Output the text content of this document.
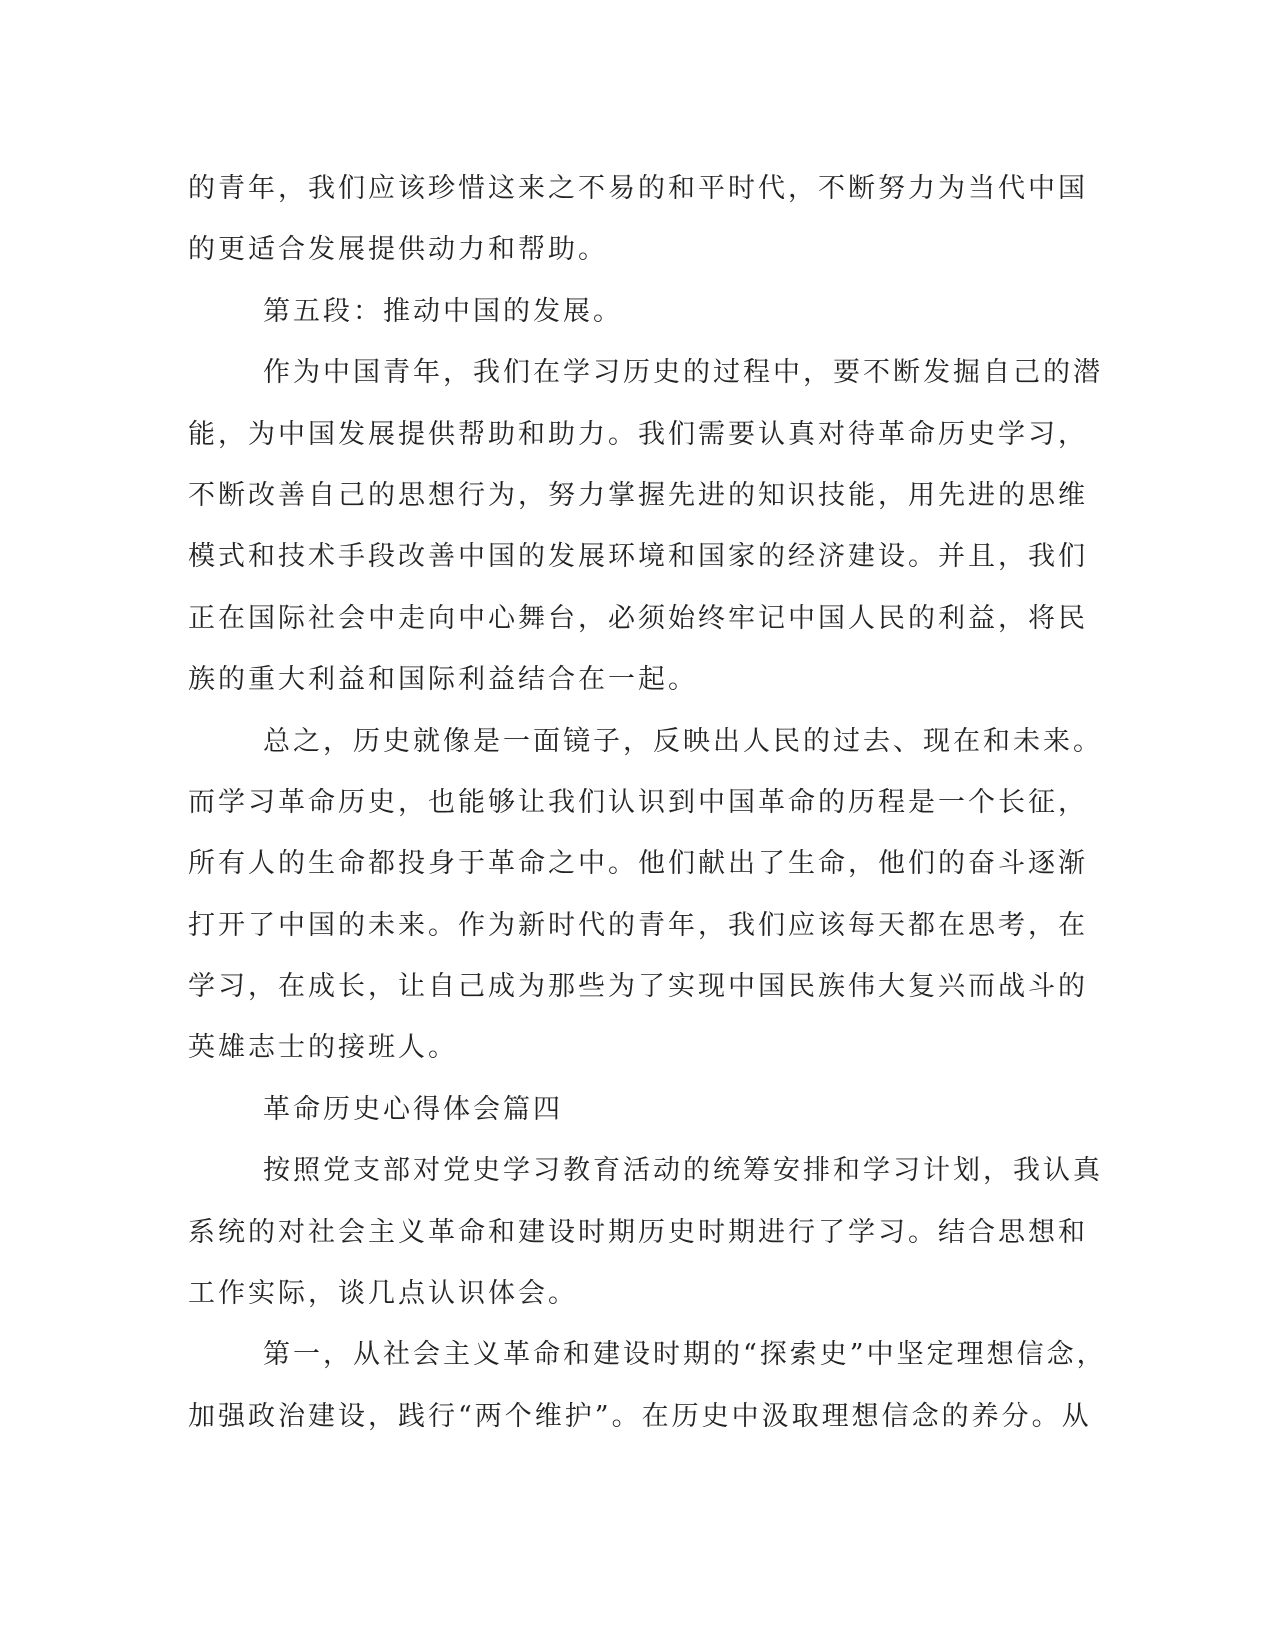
的青年，我们应该珍惜这来之不易的和平时代，不断努力为当代中国
的更适合发展提供动力和帮助。
第五段：推动中国的发展。
作为中国青年，我们在学习历史的过程中，要不断发掘自己的潜
能，为中国发展提供帮助和助力。我们需要认真对待革命历史学习，
不断改善自己的思想行为，努力掌握先进的知识技能，用先进的思维
模式和技术手段改善中国的发展环境和国家的经济建设。并且，我们
正在国际社会中走向中心舞台，必须始终牢记中国人民的利益，将民
族的重大利益和国际利益结合在一起。
总之，历史就像是一面镜子，反映出人民的过去、现在和未来。
而学习革命历史，也能够让我们认识到中国革命的历程是一个长征，
所有人的生命都投身于革命之中。他们献出了生命，他们的奋斗逐渐
打开了中国的未来。作为新时代的青年，我们应该每天都在思考，在
学习，在成长，让自己成为那些为了实现中国民族伟大复兴而战斗的
英雄志士的接班人。
革命历史心得体会篇四
按照党支部对党史学习教育活动的统筹安排和学习计划，我认真
系统的对社会主义革命和建设时期历史时期进行了学习。结合思想和
工作实际，谈几点认识体会。
第一，从社会主义革命和建设时期的“探索史”中坚定理想信念，
加强政治建设，践行“两个维护”。在历史中汲取理想信念的养分。从
